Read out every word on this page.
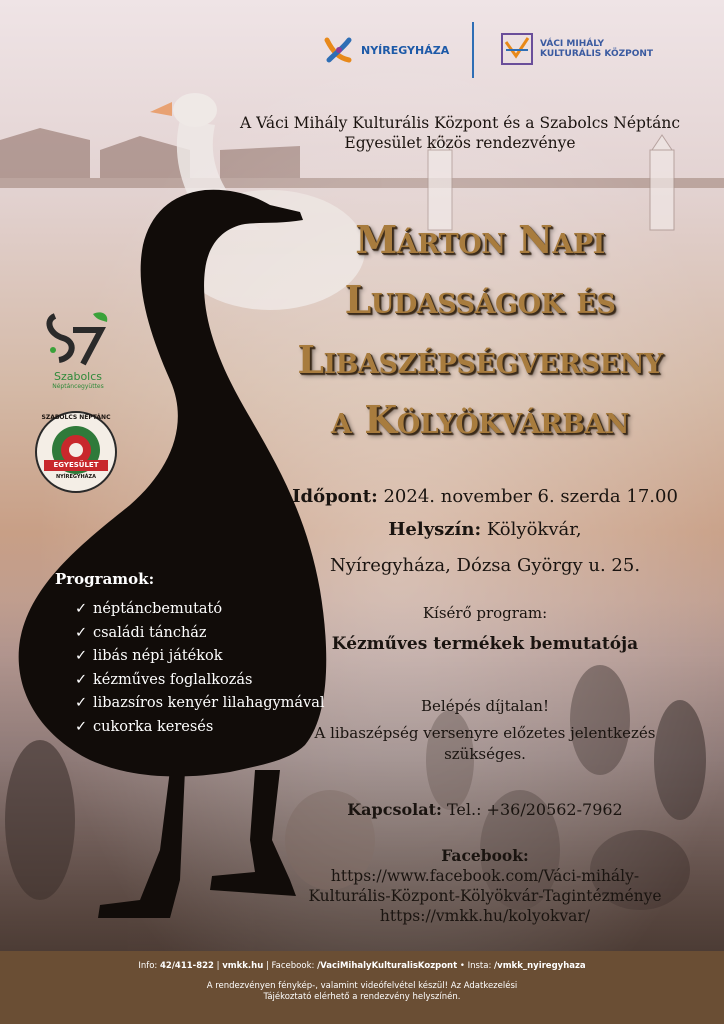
NYÍREGYHÁZA	VÁCI MIHÁLY
KULTURÁLIS KÖZPONT
Szabolcs
Néptáncegyüttes
SZABOLCS NÉPTÁNC
EGYESÜLET
NYÍREGYHÁZA
A Váci Mihály Kulturális Központ és a Szabolcs Néptánc
Egyesület közös rendezvénye
Márton Napi
Ludasságok és
Libaszépségverseny
a Kölyökvárban
Időpont: 2024. november 6. szerda 17.00
Helyszín: Kölyökvár,
Nyíregyháza, Dózsa György u. 25.
Kísérő program:
Kézműves termékek bemutatója
Belépés díjtalan!
A libaszépség versenyre előzetes jelentkezés
szükséges.
Kapcsolat: Tel.: +36/20562-7962
Facebook:
https://www.facebook.com/Váci-mihály-
Kulturális-Központ-Kölyökvár-Tagintézménye
https://vmkk.hu/kolyokvar/
Programok:
✓ néptáncbemutató
✓ családi táncház
✓ libás népi játékok
✓ kézműves foglalkozás
✓ libazsíros kenyér lilahagymával
✓ cukorka keresés
Info: 42/411-822 | vmkk.hu | Facebook: /VaciMihalyKulturalisKozpont • Insta: /vmkk_nyiregyhaza
A rendezvényen fénykép-, valamint videófelvétel készül! Az Adatkezelési
Tájékoztató elérhető a rendezvény helyszínén.
